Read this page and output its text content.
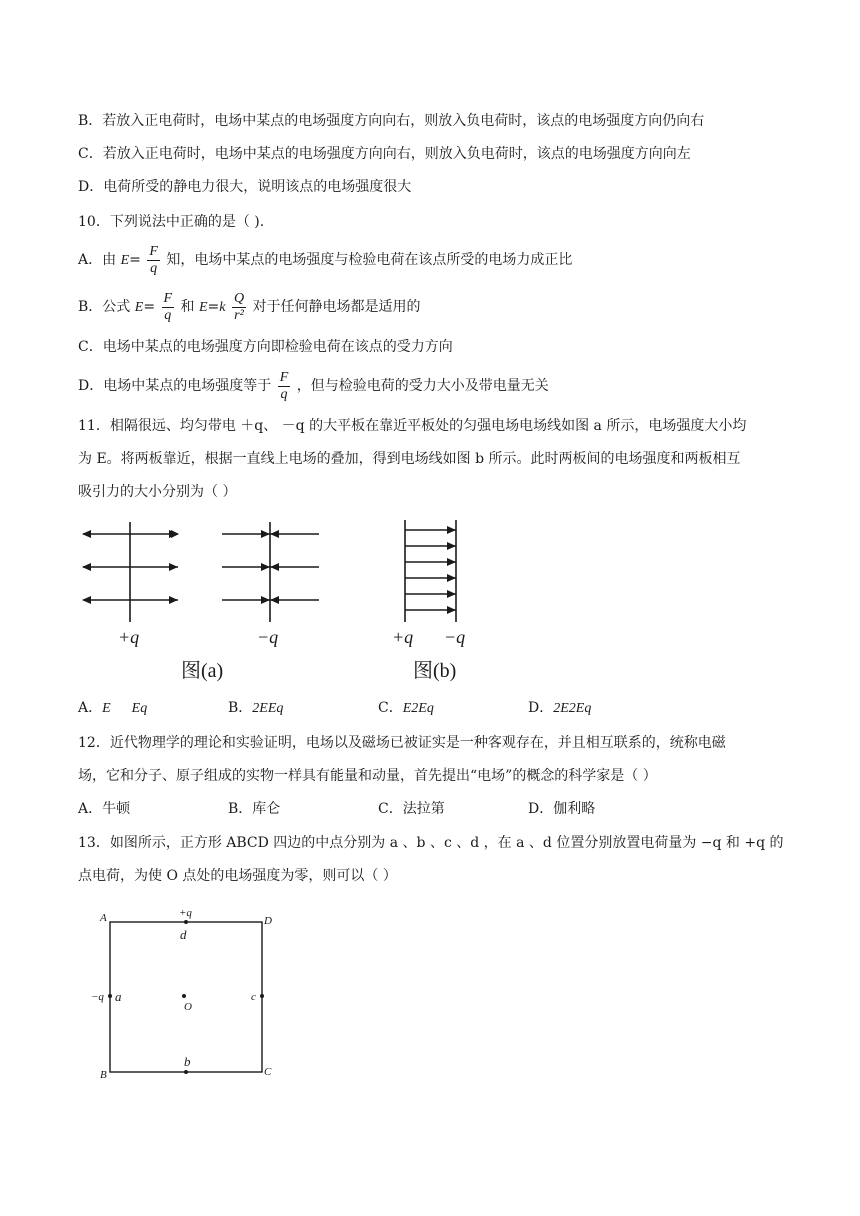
B．若放入正电荷时，电场中某点的电场强度方向向右，则放入负电荷时，该点的电场强度方向仍向右
C．若放入正电荷时，电场中某点的电场强度方向向右，则放入负电荷时，该点的电场强度方向向左
D．电荷所受的静电力很大，说明该点的电场强度很大
10．下列说法中正确的是（ ).
A．由 $E= \frac{F}{q}$ 知，电场中某点的电场强度与检验电荷在该点所受的电场力成正比
B．公式 $E= \frac{F}{q}$ 和 $E=k \frac{Q}{\text{r²}}$ 对于任何静电场都是适用的
C．电场中某点的电场强度方向即检验电荷在该点的受力方向
D．电场中某点的电场强度等于 $\frac{F}{q}$ ，但与检验电荷的受力大小及带电量无关
11．相隔很远、均匀带电 ＋q、 －q 的大平板在靠近平板处的匀强电场电场线如图 a 所示，电场强度大小均
为 E。将两板靠近，根据一直线上电场的叠加，得到电场线如图 b 所示。此时两板间的电场强度和两板相互
吸引力的大小分别为（ ）
+q	−q
图(a)
+q −q
图(b)
A．E      Eq	B．2EEq	C．E2Eq	D．2E2Eq
12．近代物理学的理论和实验证明，电场以及磁场已被证实是一种客观存在，并且相互联系的，统称电磁
场，它和分子、原子组成的实物一样具有能量和动量，首先提出“电场”的概念的科学家是（ ）
A．牛顿	B．库仑	C．法拉第	D．伽利略
13．如图所示，正方形 ABCD 四边的中点分别为 a 、b 、c 、d ，在 a 、d 位置分别放置电荷量为 −q 和 +q 的
点电荷，为使 O 点处的电场强度为零，则可以（ ）
A	D
B	C
+q
d
−q a	c
b
O
